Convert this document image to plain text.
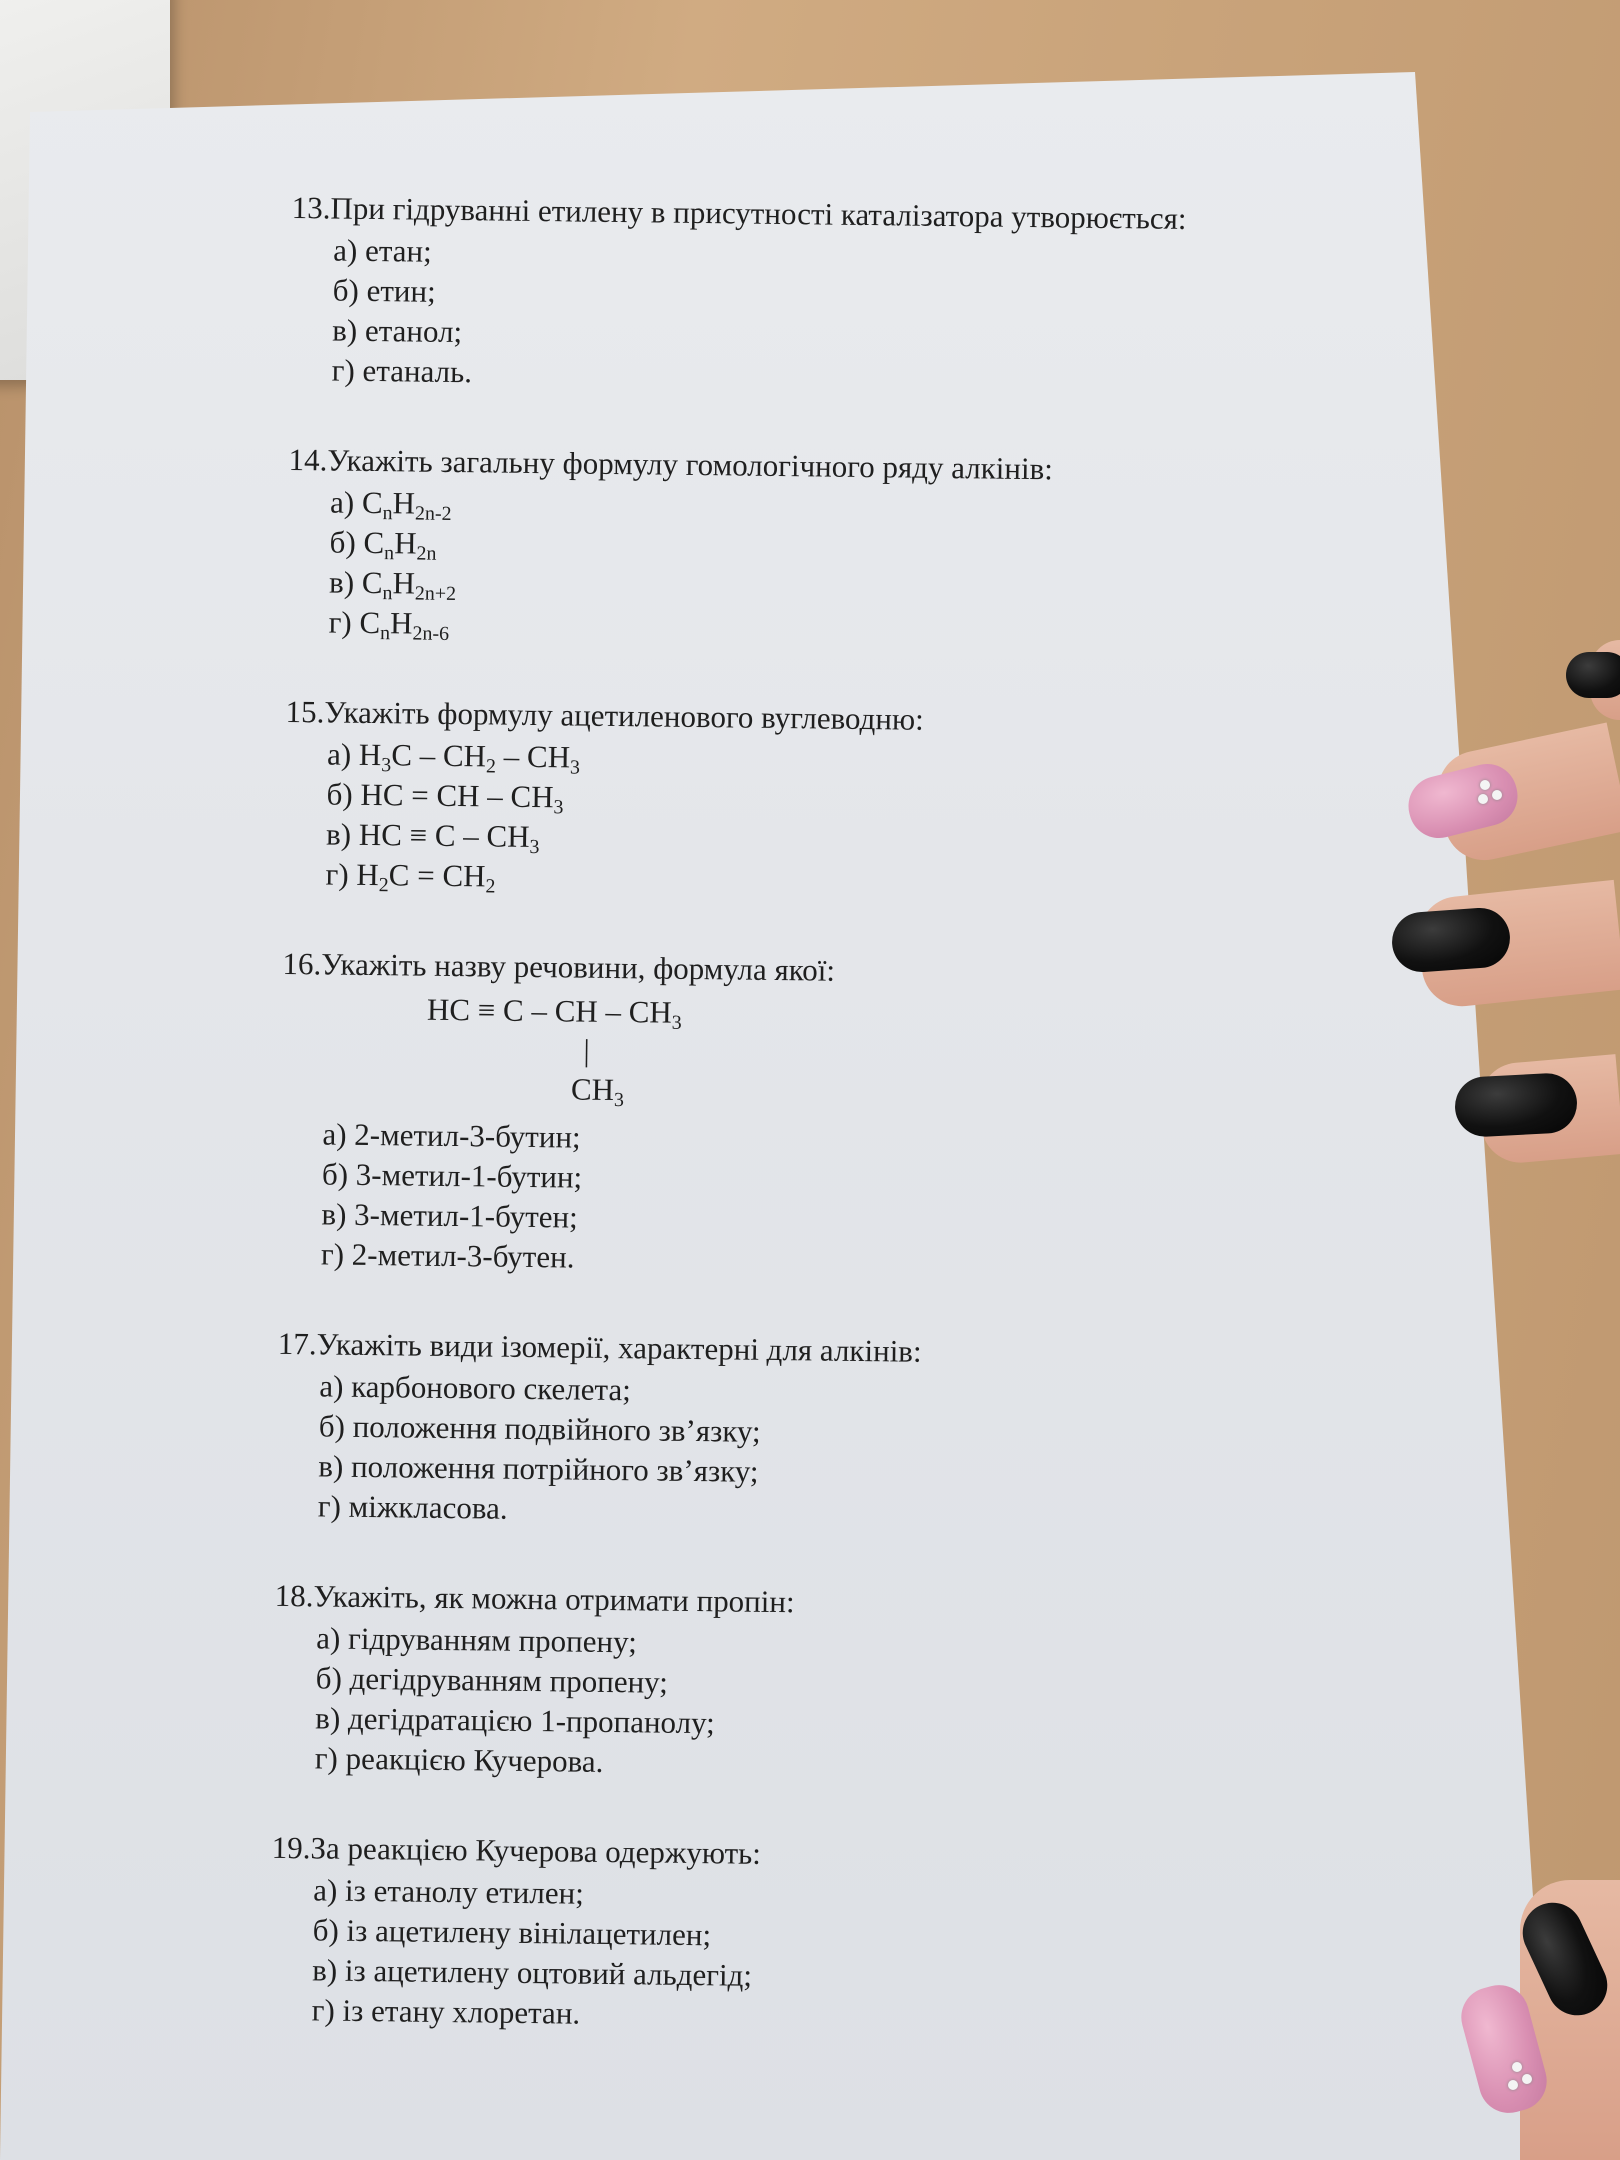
13.При гідруванні етилену в присутності каталізатора утворюється:
а) етан;
б) етин;
в) етанол;
г) етаналь.
14.Укажіть загальну формулу гомологічного ряду алкінів:
а) $C_nH_{2n-2}$
б) $C_nH_{2n}$
в) $C_nH_{2n+2}$
г) $C_nH_{2n-6}$
15.Укажіть формулу ацетиленового вуглеводню:
а) $H_3C - CH_2 - CH_3$
б) HC = CH – $CH_3$
в) HC ≡ C – $CH_3$
г) $H_2C = CH_2$
16.Укажіть назву речовини, формула якої:
HC ≡ C – CH – $CH_3$
|
$CH_3$
а) 2-метил-3-бутин;
б) 3-метил-1-бутин;
в) 3-метил-1-бутен;
г) 2-метил-3-бутен.
17.Укажіть види ізомерії, характерні для алкінів:
а) карбонового скелета;
б) положення подвійного зв’язку;
в) положення потрійного зв’язку;
г) міжкласова.
18.Укажіть, як можна отримати пропін:
а) гідруванням пропену;
б) дегідруванням пропену;
в) дегідратацією 1-пропанолу;
г) реакцією Кучерова.
19.За реакцією Кучерова одержують:
а) із етанолу етилен;
б) із ацетилену вінілацетилен;
в) із ацетилену оцтовий альдегід;
г) із етану хлоретан.
